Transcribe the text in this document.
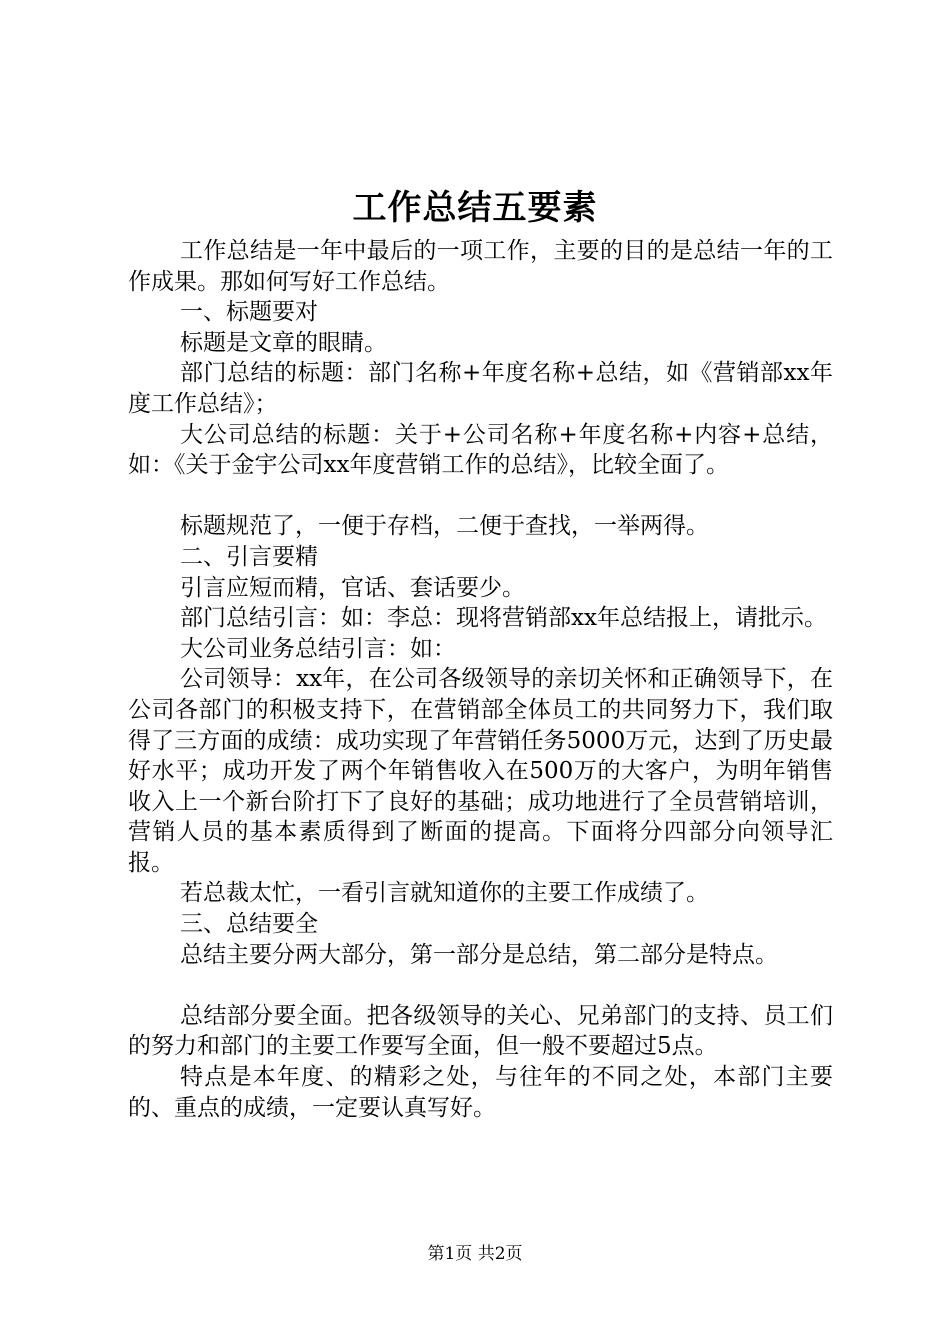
工作总结五要素

工作总结是一年中最后的一项工作，主要的目的是总结一年的工作成果。那如何写好工作总结。

一、标题要对

标题是文章的眼睛。

部门总结的标题：部门名称+年度名称+总结，如《营销部xx年度工作总结》；

大公司总结的标题：关于+公司名称+年度名称+内容+总结，如：《关于金宇公司xx年度营销工作的总结》，比较全面了。

标题规范了，一便于存档，二便于查找，一举两得。

二、引言要精

引言应短而精，官话、套话要少。

部门总结引言：如：李总：现将营销部xx年总结报上，请批示。

大公司业务总结引言：如：

公司领导：xx年，在公司各级领导的亲切关怀和正确领导下，在公司各部门的积极支持下，在营销部全体员工的共同努力下，我们取得了三方面的成绩：成功实现了年营销任务5000万元，达到了历史最好水平；成功开发了两个年销售收入在500万的大客户，为明年销售收入上一个新台阶打下了良好的基础；成功地进行了全员营销培训，营销人员的基本素质得到了断面的提高。下面将分四部分向领导汇报。

若总裁太忙，一看引言就知道你的主要工作成绩了。

三、总结要全

总结主要分两大部分，第一部分是总结，第二部分是特点。

总结部分要全面。把各级领导的关心、兄弟部门的支持、员工们的努力和部门的主要工作要写全面，但一般不要超过5点。

特点是本年度、的精彩之处，与往年的不同之处，本部门主要的、重点的成绩，一定要认真写好。

第1页 共2页
